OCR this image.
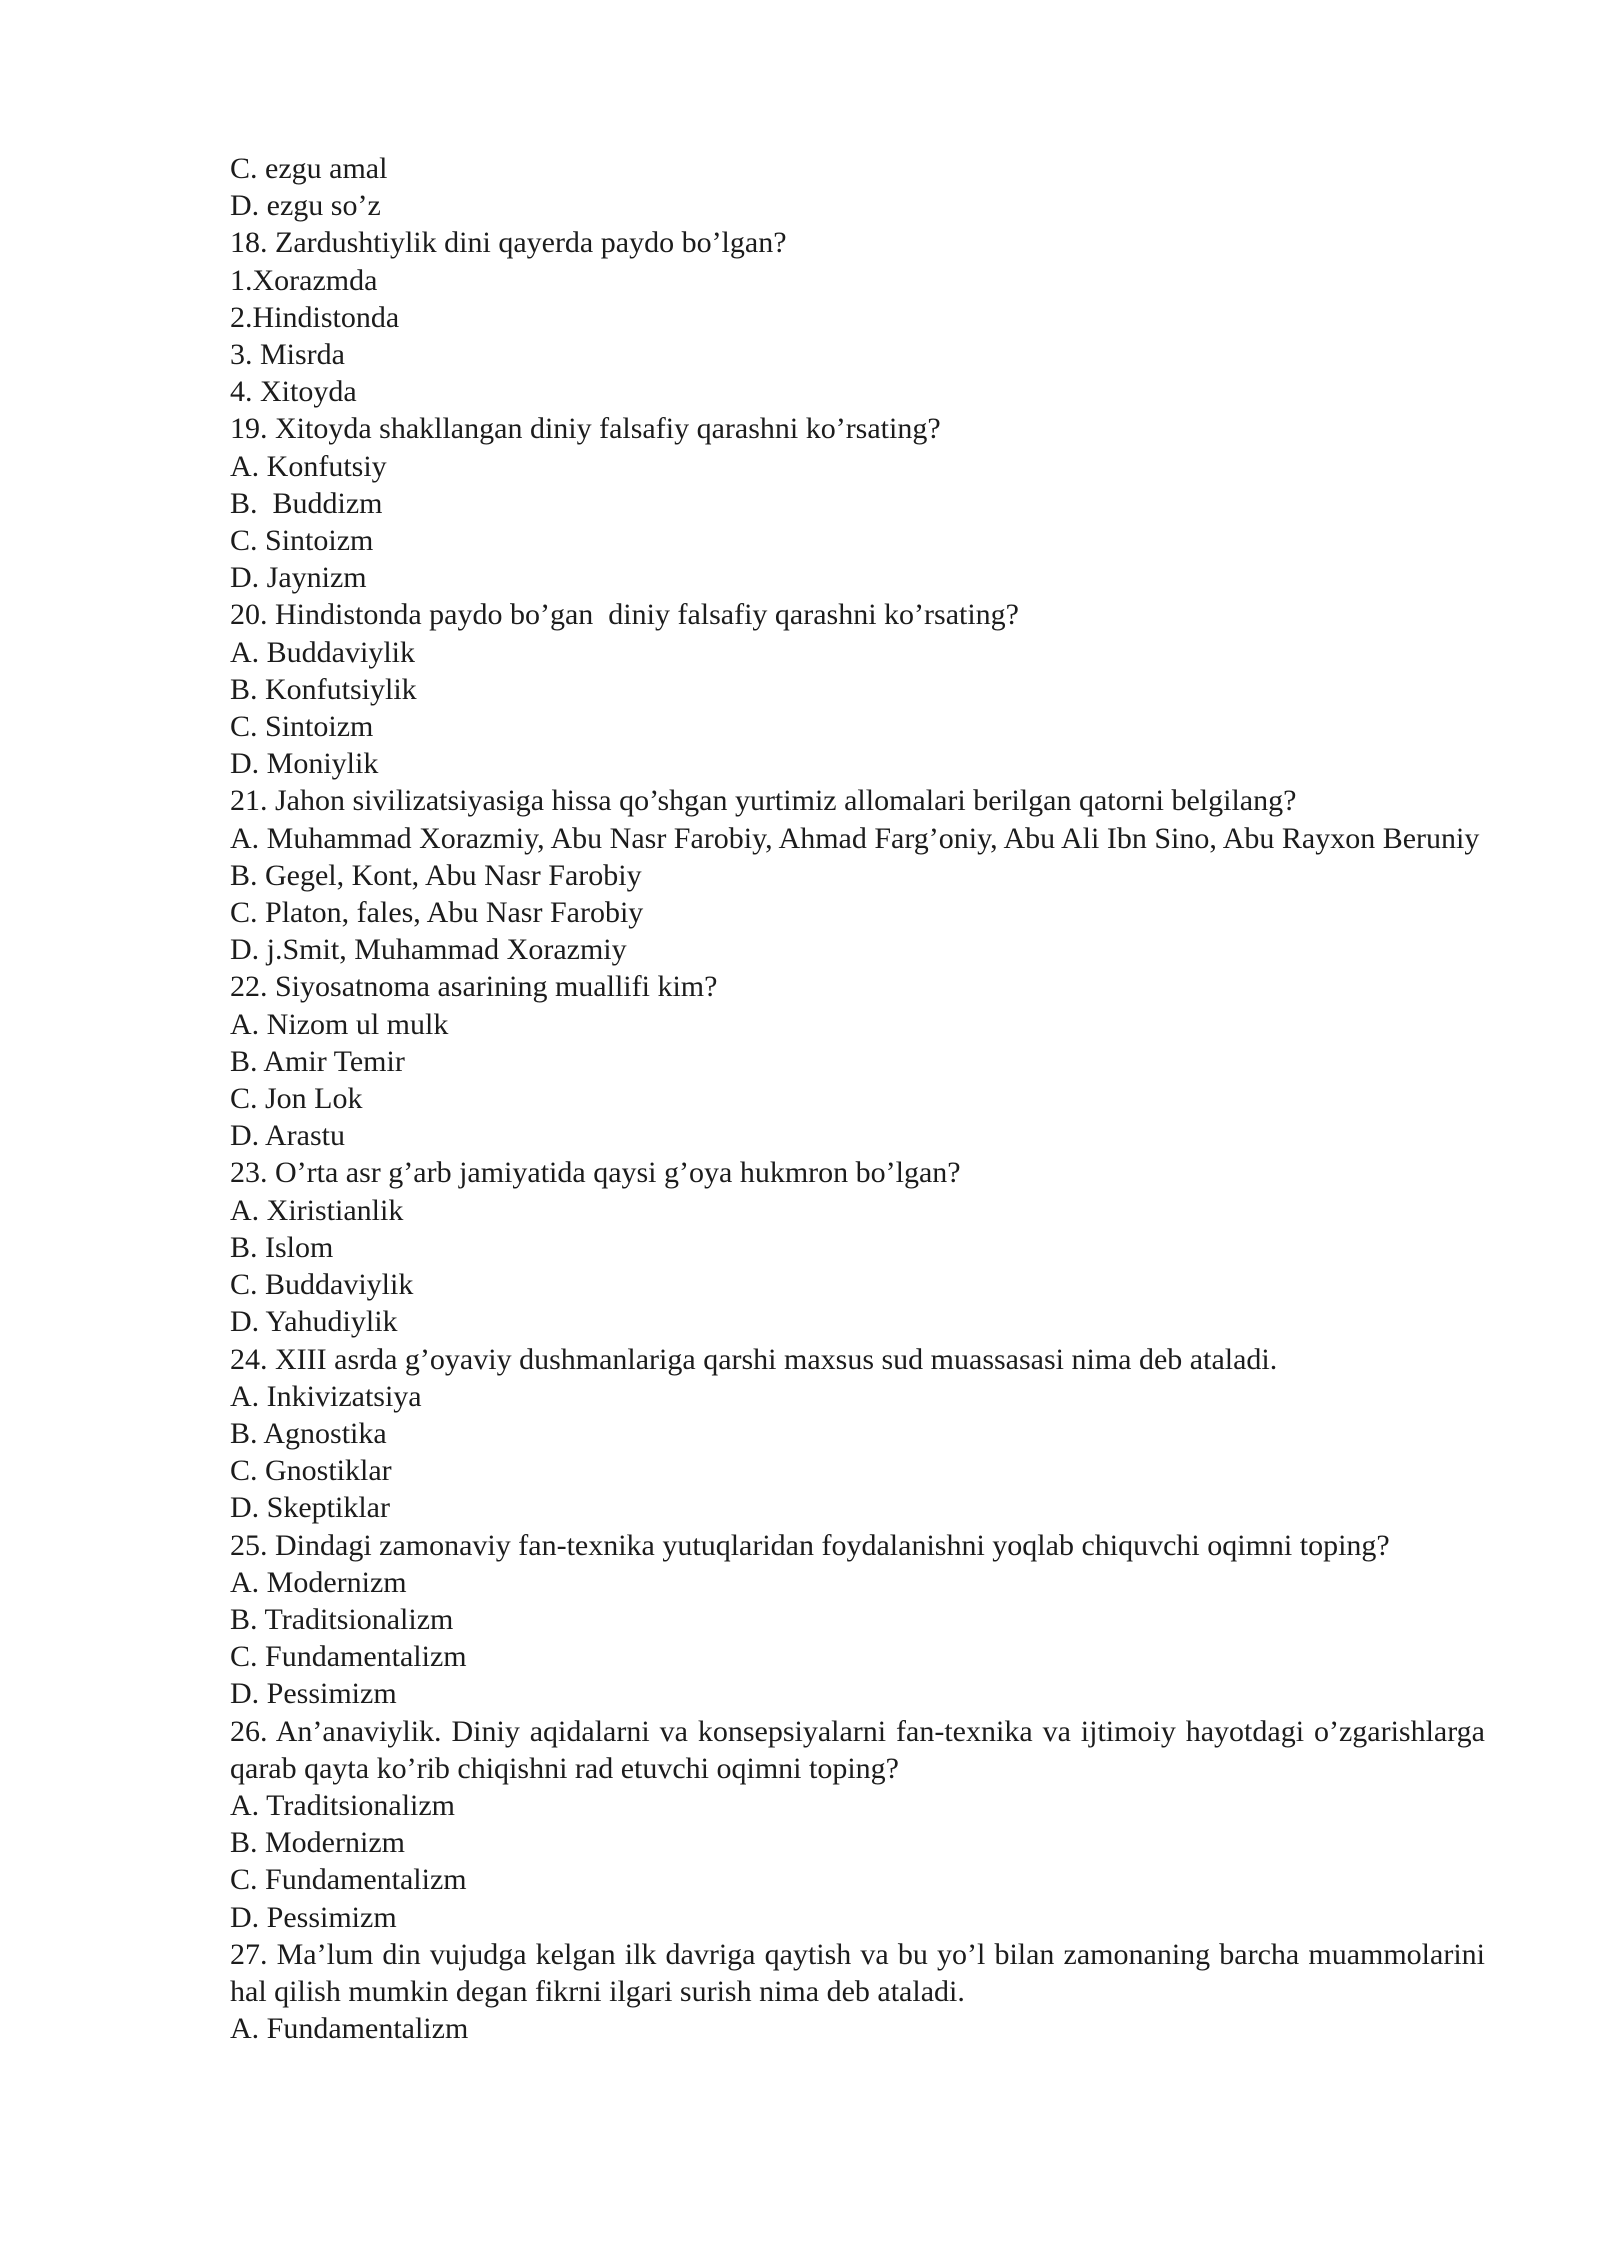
C. ezgu amal

D. ezgu so’z

18. Zardushtiylik dini qayerda paydo bo’lgan?

1.Xorazmda

2.Hindistonda

3. Misrda

4. Xitoyda

19. Xitoyda shakllangan diniy falsafiy qarashni ko’rsating?

A. Konfutsiy

B.  Buddizm

C. Sintoizm

D. Jaynizm

20. Hindistonda paydo bo’gan  diniy falsafiy qarashni ko’rsating?

A. Buddaviylik

B. Konfutsiylik

C. Sintoizm

D. Moniylik

21. Jahon sivilizatsiyasiga hissa qo’shgan yurtimiz allomalari berilgan qatorni belgilang?

A. Muhammad Xorazmiy, Abu Nasr Farobiy, Ahmad Farg’oniy, Abu Ali Ibn Sino, Abu Rayxon Beruniy

B. Gegel, Kont, Abu Nasr Farobiy

C. Platon, fales, Abu Nasr Farobiy

D. j.Smit, Muhammad Xorazmiy

22. Siyosatnoma asarining muallifi kim?

A. Nizom ul mulk

B. Amir Temir

C. Jon Lok

D. Arastu

23. O’rta asr g’arb jamiyatida qaysi g’oya hukmron bo’lgan?

A. Xiristianlik

B. Islom

C. Buddaviylik

D. Yahudiylik

24. XIII asrda g’oyaviy dushmanlariga qarshi maxsus sud muassasasi nima deb ataladi.

A. Inkivizatsiya

B. Agnostika

C. Gnostiklar

D. Skeptiklar

25. Dindagi zamonaviy fan-texnika yutuqlaridan foydalanishni yoqlab chiquvchi oqimni toping?

A. Modernizm

B. Traditsionalizm

C. Fundamentalizm

D. Pessimizm

26. An’anaviylik. Diniy aqidalarni va konsepsiyalarni fan-texnika va ijtimoiy hayotdagi o’zgarishlarga qarab qayta ko’rib chiqishni rad etuvchi oqimni toping?

A. Traditsionalizm

B. Modernizm

C. Fundamentalizm

D. Pessimizm

27. Ma’lum din vujudga kelgan ilk davriga qaytish va bu yo’l bilan zamonaning barcha muammolarini hal qilish mumkin degan fikrni ilgari surish nima deb ataladi.

A. Fundamentalizm
